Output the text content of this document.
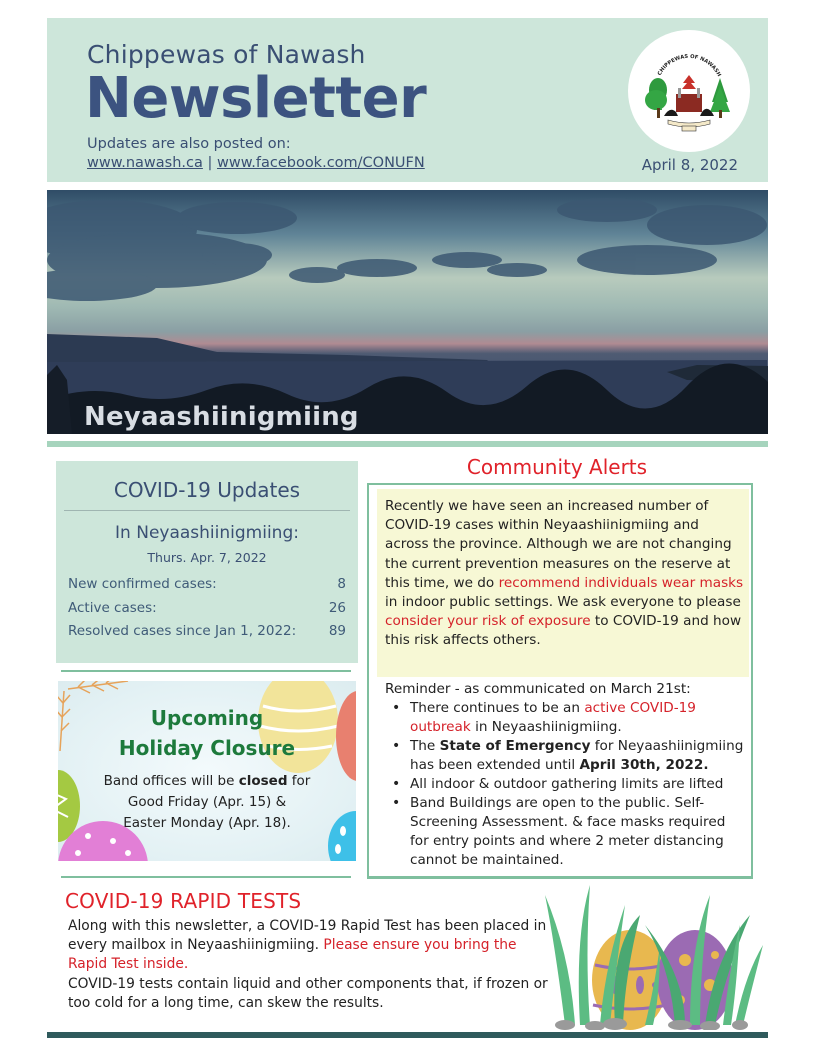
Chippewas of Nawash
Newsletter
Updates are also posted on:
www.nawash.ca | www.facebook.com/CONUFN
CHIPPEWAS OF NAWASH
April 8, 2022
Neyaashiinigmiing
COVID-19 Updates
In Neyaashiinigmiing:
Thurs. Apr. 7, 2022
New confirmed cases:	8
Active cases:	26
Resolved cases since Jan 1, 2022: 89
Upcoming
Holiday Closure
Band offices will be closed for
Good Friday (Apr. 15) &
Easter Monday (Apr. 18).
Community Alerts
Recently we have seen an increased number of COVID-19 cases within Neyaashiinigmiing and across the province. Although we are not changing the current prevention measures on the reserve at this time, we do recommend individuals wear masks in indoor public settings. We ask everyone to please consider your risk of exposure to COVID-19 and how this risk affects others.
Reminder - as communicated on March 21st:
• There continues to be an active COVID-19 outbreak in Neyaashiinigmiing.
• The State of Emergency for Neyaashiinigmiing has been extended until April 30th, 2022.
• All indoor & outdoor gathering limits are lifted
• Band Buildings are open to the public. Self-Screening Assessment. & face masks required for entry points and where 2 meter distancing cannot be maintained.
COVID-19 RAPID TESTS
Along with this newsletter, a COVID-19 Rapid Test has been placed in every mailbox in Neyaashiinigmiing. Please ensure you bring the Rapid Test inside.
COVID-19 tests contain liquid and other components that, if frozen or too cold for a long time, can skew the results.
